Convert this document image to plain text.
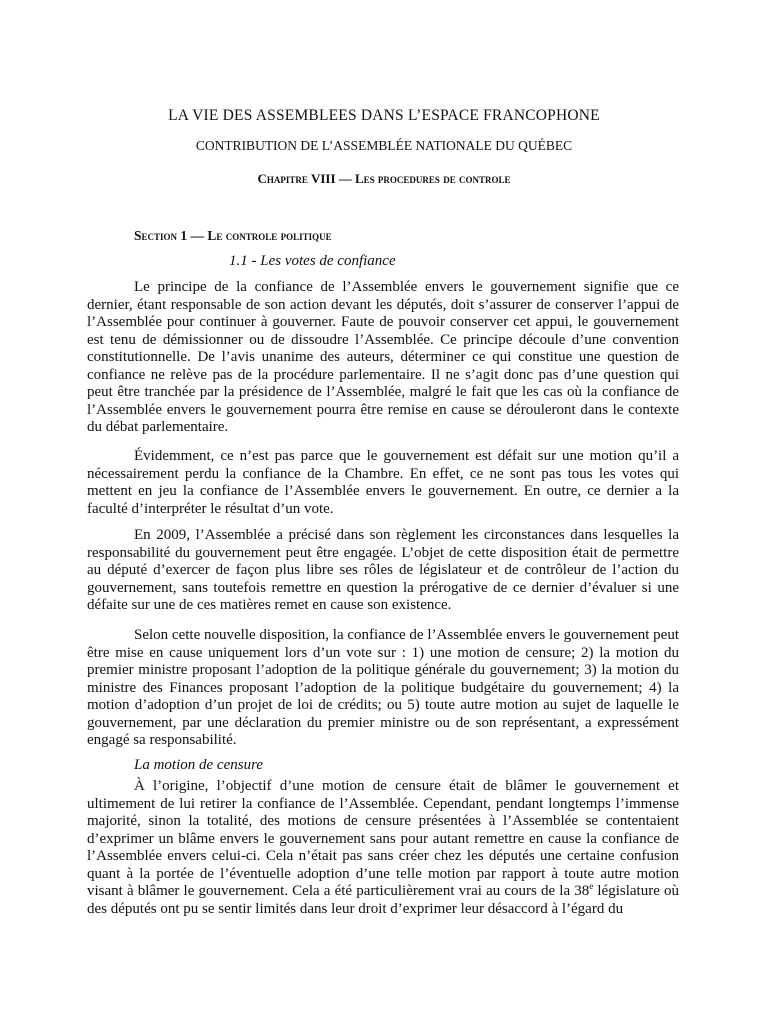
LA VIE DES ASSEMBLEES DANS L’ESPACE FRANCOPHONE

CONTRIBUTION DE L’ASSEMBLÉE NATIONALE DU QUÉBEC

Chapitre VIII — Les procedures de controle

Section 1 — Le controle politique

1.1 - Les votes de confiance

Le principe de la confiance de l’Assemblée envers le gouvernement signifie que ce dernier, étant responsable de son action devant les députés, doit s’assurer de conserver l’appui de l’Assemblée pour continuer à gouverner. Faute de pouvoir conserver cet appui, le gouvernement est tenu de démissionner ou de dissoudre l’Assemblée. Ce principe découle d’une convention constitutionnelle. De l’avis unanime des auteurs, déterminer ce qui constitue une question de confiance ne relève pas de la procédure parlementaire. Il ne s’agit donc pas d’une question qui peut être tranchée par la présidence de l’Assemblée, malgré le fait que les cas où la confiance de l’Assemblée envers le gouvernement pourra être remise en cause se dérouleront dans le contexte du débat parlementaire.

Évidemment, ce n’est pas parce que le gouvernement est défait sur une motion qu’il a nécessairement perdu la confiance de la Chambre. En effet, ce ne sont pas tous les votes qui mettent en jeu la confiance de l’Assemblée envers le gouvernement. En outre, ce dernier a la faculté d’interpréter le résultat d’un vote.

En 2009, l’Assemblée a précisé dans son règlement les circonstances dans lesquelles la responsabilité du gouvernement peut être engagée. L’objet de cette disposition était de permettre au député d’exercer de façon plus libre ses rôles de législateur et de contrôleur de l’action du gouvernement, sans toutefois remettre en question la prérogative de ce dernier d’évaluer si une défaite sur une de ces matières remet en cause son existence.

Selon cette nouvelle disposition, la confiance de l’Assemblée envers le gouvernement peut être mise en cause uniquement lors d’un vote sur : 1) une motion de censure; 2) la motion du premier ministre proposant l’adoption de la politique générale du gouvernement; 3) la motion du ministre des Finances proposant l’adoption de la politique budgétaire du gouvernement; 4) la motion d’adoption d’un projet de loi de crédits; ou 5) toute autre motion au sujet de laquelle le gouvernement, par une déclaration du premier ministre ou de son représentant, a expressément engagé sa responsabilité.

La motion de censure

À l’origine, l’objectif d’une motion de censure était de blâmer le gouvernement et ultimement de lui retirer la confiance de l’Assemblée. Cependant, pendant longtemps l’immense majorité, sinon la totalité, des motions de censure présentées à l’Assemblée se contentaient d’exprimer un blâme envers le gouvernement sans pour autant remettre en cause la confiance de l’Assemblée envers celui-ci. Cela n’était pas sans créer chez les députés une certaine confusion quant à la portée de l’éventuelle adoption d’une telle motion par rapport à toute autre motion visant à blâmer le gouvernement. Cela a été particulièrement vrai au cours de la 38e législature où des députés ont pu se sentir limités dans leur droit d’exprimer leur désaccord à l’égard du
